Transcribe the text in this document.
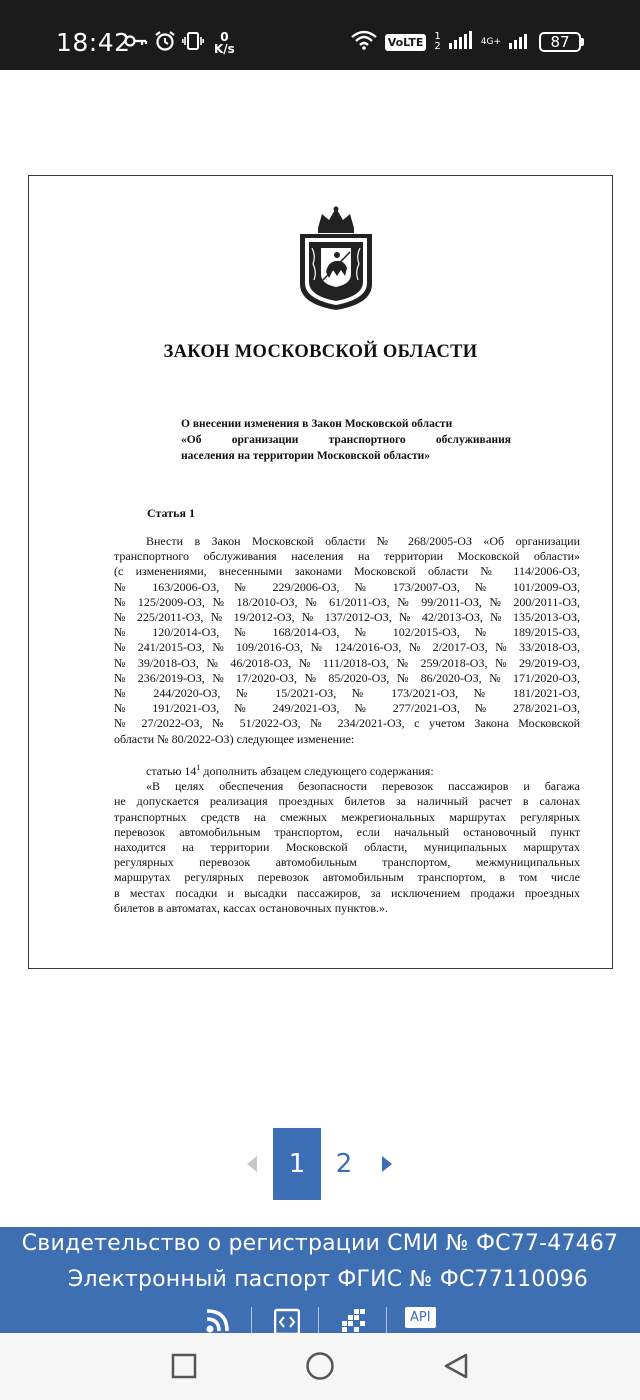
18:42	0
K/s	VoLTE	1
2	4G+	87
ЗАКОН МОСКОВСКОЙ ОБЛАСТИ
О внесении изменения в Закон Московской области
«Об организации транспортного обслуживания
населения на территории Московской области»
Статья 1
Внести в Закон Московской области № 268/2005-ОЗ «Об организации
транспортного обслуживания населения на территории Московской области»
(с изменениями, внесенными законами Московской области № 114/2006-ОЗ,
№ 163/2006-ОЗ, № 229/2006-ОЗ, № 173/2007-ОЗ, № 101/2009-ОЗ,
№ 125/2009-ОЗ, № 18/2010-ОЗ, № 61/2011-ОЗ, № 99/2011-ОЗ, № 200/2011-ОЗ,
№ 225/2011-ОЗ, № 19/2012-ОЗ, № 137/2012-ОЗ, № 42/2013-ОЗ, № 135/2013-ОЗ,
№ 120/2014-ОЗ, № 168/2014-ОЗ, № 102/2015-ОЗ, № 189/2015-ОЗ,
№ 241/2015-ОЗ, № 109/2016-ОЗ, № 124/2016-ОЗ, № 2/2017-ОЗ, № 33/2018-ОЗ,
№ 39/2018-ОЗ, № 46/2018-ОЗ, № 111/2018-ОЗ, № 259/2018-ОЗ, № 29/2019-ОЗ,
№ 236/2019-ОЗ, № 17/2020-ОЗ, № 85/2020-ОЗ, № 86/2020-ОЗ, № 171/2020-ОЗ,
№ 244/2020-ОЗ, № 15/2021-ОЗ, № 173/2021-ОЗ, № 181/2021-ОЗ,
№ 191/2021-ОЗ, № 249/2021-ОЗ, № 277/2021-ОЗ, № 278/2021-ОЗ,
№ 27/2022-ОЗ, № 51/2022-ОЗ, № 234/2021-ОЗ, с учетом Закона Московской
области № 80/2022-ОЗ) следующее изменение:
статью $14^1$ дополнить абзацем следующего содержания:
«В целях обеспечения безопасности перевозок пассажиров и багажа
не допускается реализация проездных билетов за наличный расчет в салонах
транспортных средств на смежных межрегиональных маршрутах регулярных
перевозок автомобильным транспортом, если начальный остановочный пункт
находится на территории Московской области, муниципальных маршрутах
регулярных перевозок автомобильным транспортом, межмуниципальных
маршрутах регулярных перевозок автомобильным транспортом, в том числе
в местах посадки и высадки пассажиров, за исключением продажи проездных
билетов в автоматах, кассах остановочных пунктов.».
1	2
Свидетельство о регистрации СМИ № ФС77-47467
Электронный паспорт ФГИС № ФС77110096
API
